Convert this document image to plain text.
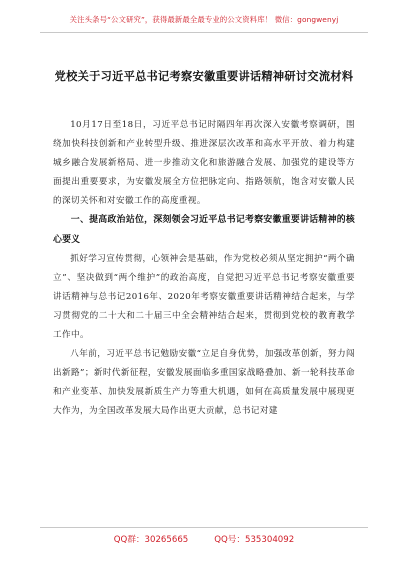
关注头条号“公文研究”，获得最新最全最专业的公文资料库！ 微信：gongwenyj
党校关于习近平总书记考察安徽重要讲话精神研讨交流材料

10月17日至18日，习近平总书记时隔四年再次深入安徽考察调研，围绕加快科技创新和产业转型升级、推进深层次改革和高水平开放、着力构建城乡融合发展新格局、进一步推动文化和旅游融合发展、加强党的建设等方面提出重要要求，为安徽发展全方位把脉定向、指路领航，饱含对安徽人民的深切关怀和对安徽工作的高度重视。

一、提高政治站位，深刻领会习近平总书记考察安徽重要讲话精神的核心要义

抓好学习宣传贯彻，心领神会是基础，作为党校必须从坚定拥护“两个确立”、坚决做到“两个维护”的政治高度，自觉把习近平总书记考察安徽重要讲话精神与总书记2016年、2020年考察安徽重要讲话精神结合起来，与学习贯彻党的二十大和二十届三中全会精神结合起来，贯彻到党校的教育教学工作中。

八年前，习近平总书记勉励安徽“立足自身优势，加强改革创新，努力闯出新路”；新时代新征程，安徽发展面临多重国家战略叠加、新一轮科技革命和产业变革、加快发展新质生产力等重大机遇，如何在高质量发展中展现更大作为，为全国改革发展大局作出更大贡献，总书记对建

QQ群：30265665	QQ号：535304092
